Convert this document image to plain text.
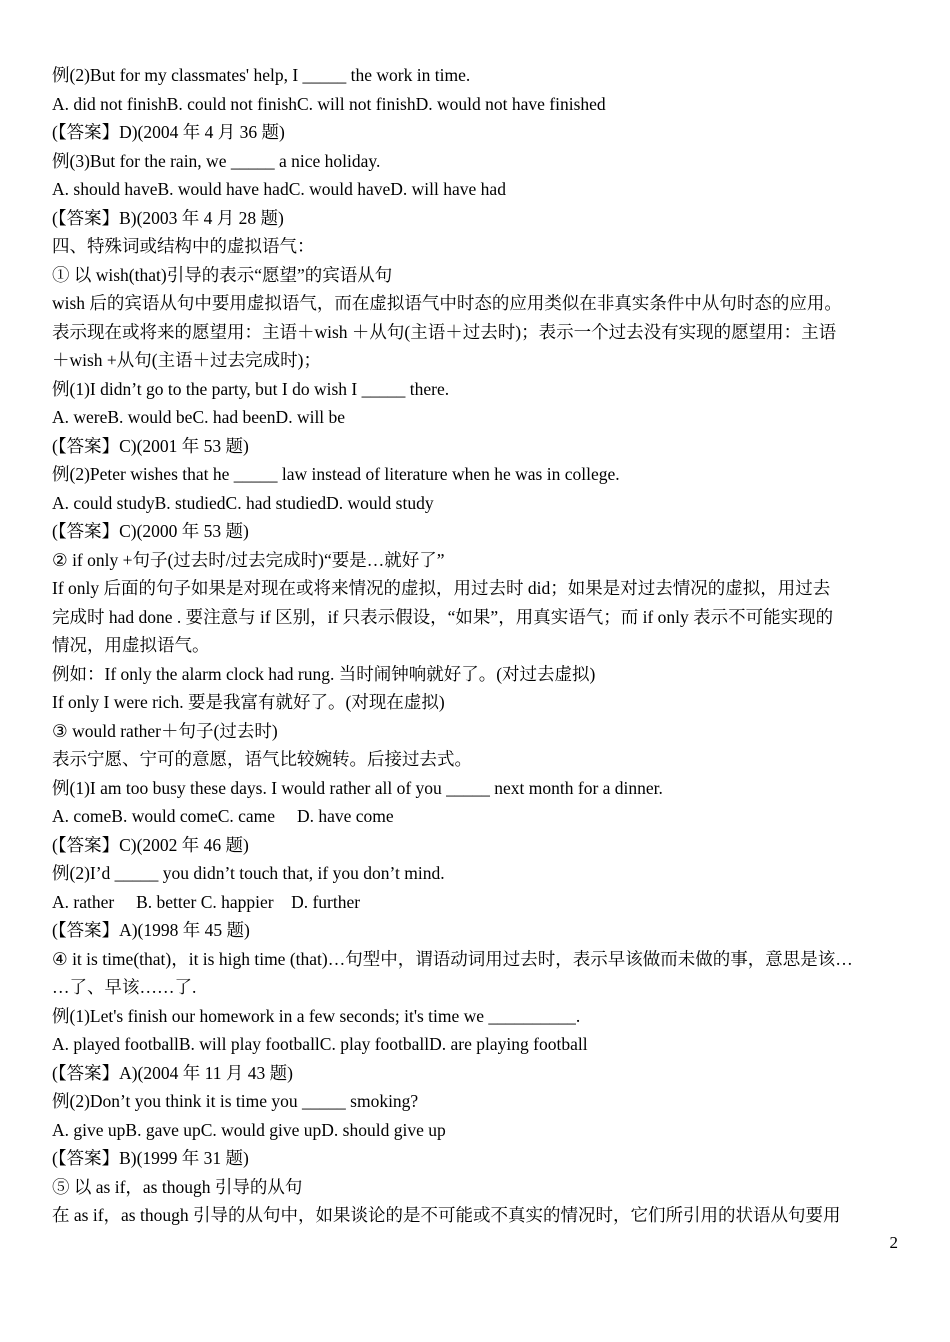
例(2)But for my classmates' help, I _____ the work in time.
A. did not finishB. could not finishC. will not finishD. would not have finished
(【答案】D)(2004 年 4 月 36 题)
例(3)But for the rain, we _____ a nice holiday.
A. should haveB. would have hadC. would haveD. will have had
(【答案】B)(2003 年 4 月 28 题)
四、特殊词或结构中的虚拟语气：
① 以 wish(that)引导的表示“愿望”的宾语从句
wish 后的宾语从句中要用虚拟语气，而在虚拟语气中时态的应用类似在非真实条件中从句时态的应用。
表示现在或将来的愿望用：主语＋wish ＋从句(主语＋过去时)；表示一个过去没有实现的愿望用：主语
＋wish +从句(主语＋过去完成时)；
例(1)I didn’t go to the party, but I do wish I _____ there.
A. wereB. would beC. had beenD. will be
(【答案】C)(2001 年 53 题)
例(2)Peter wishes that he _____ law instead of literature when he was in college.
A. could studyB. studiedC. had studiedD. would study
(【答案】C)(2000 年 53 题)
② if only +句子(过去时/过去完成时)“要是…就好了”
If only 后面的句子如果是对现在或将来情况的虚拟，用过去时 did；如果是对过去情况的虚拟，用过去
完成时 had done . 要注意与 if 区别，if 只表示假设，“如果”，用真实语气；而 if only 表示不可能实现的
情况，用虚拟语气。
例如：If only the alarm clock had rung. 当时闹钟响就好了。(对过去虚拟)
If only I were rich. 要是我富有就好了。(对现在虚拟)
③ would rather＋句子(过去时)
表示宁愿、宁可的意愿，语气比较婉转。后接过去式。
例(1)I am too busy these days. I would rather all of you _____ next month for a dinner.
A. comeB. would comeC. came     D. have come
(【答案】C)(2002 年 46 题)
例(2)I’d _____ you didn’t touch that, if you don’t mind.
A. rather     B. better C. happier    D. further
(【答案】A)(1998 年 45 题)
④ it is time(that)，it is high time (that)…句型中，谓语动词用过去时，表示早该做而未做的事，意思是该…
…了、早该……了.
例(1)Let's finish our homework in a few seconds; it's time we __________.
A. played footballB. will play footballC. play footballD. are playing football
(【答案】A)(2004 年 11 月 43 题)
例(2)Don’t you think it is time you _____ smoking?
A. give upB. gave upC. would give upD. should give up
(【答案】B)(1999 年 31 题)
⑤ 以 as if，as though 引导的从句
在 as if，as though 引导的从句中，如果谈论的是不可能或不真实的情况时，它们所引用的状语从句要用
2
